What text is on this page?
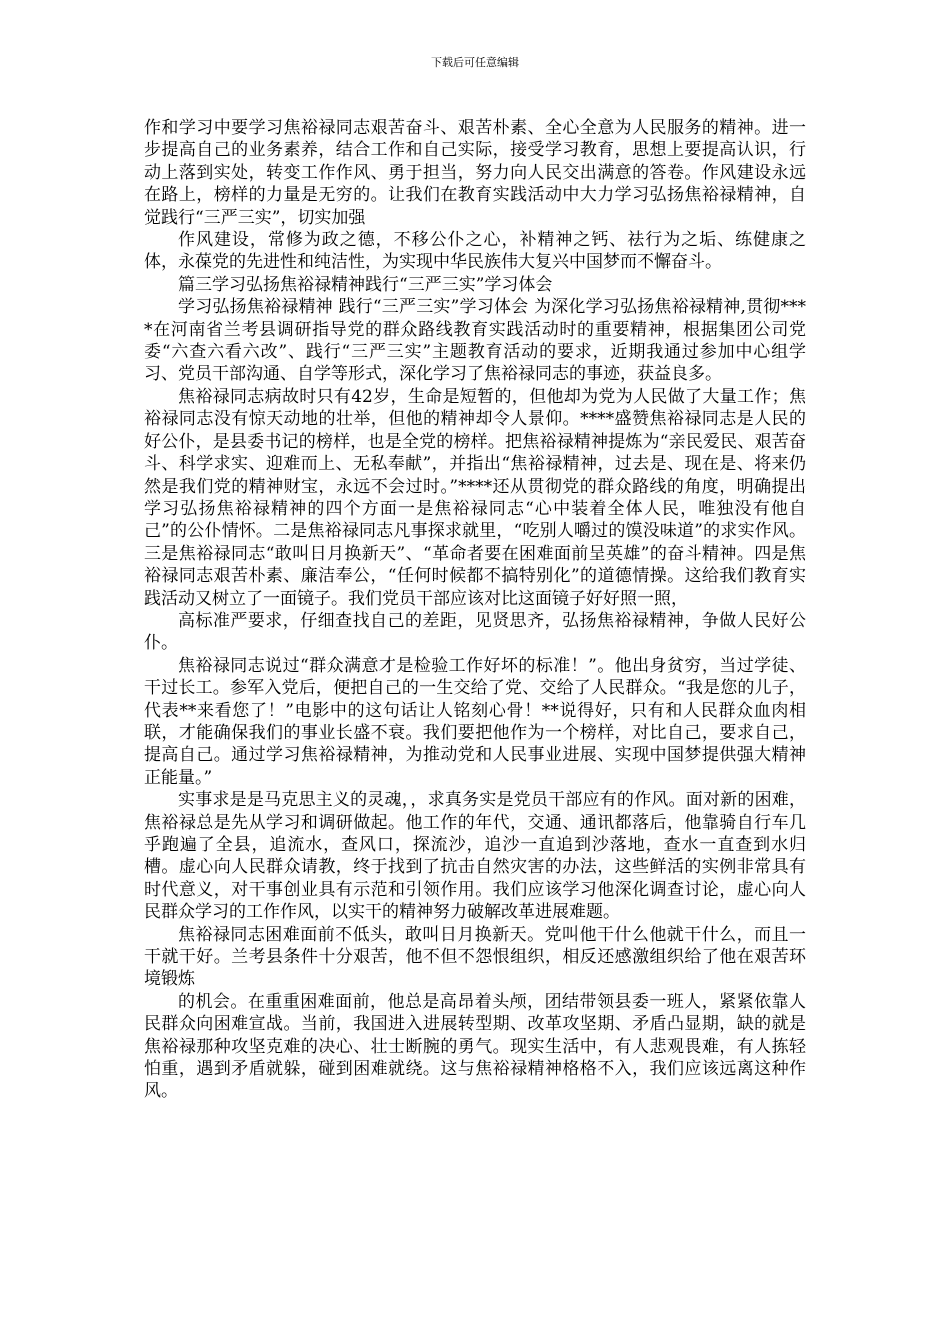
下载后可任意编辑

作和学习中要学习焦裕禄同志艰苦奋斗、艰苦朴素、全心全意为人民服务的精神。进一步提高自己的业务素养，结合工作和自己实际，接受学习教育，思想上要提高认识，行动上落到实处，转变工作作风、勇于担当，努力向人民交出满意的答卷。作风建设永远在路上，榜样的力量是无穷的。让我们在教育实践活动中大力学习弘扬焦裕禄精神，自觉践行“三严三实”，切实加强

作风建设，常修为政之德，不移公仆之心，补精神之钙、祛行为之垢、练健康之体，永葆党的先进性和纯洁性，为实现中华民族伟大复兴中国梦而不懈奋斗。

篇三学习弘扬焦裕禄精神践行“三严三实”学习体会

学习弘扬焦裕禄精神 践行“三严三实”学习体会 为深化学习弘扬焦裕禄精神,贯彻****在河南省兰考县调研指导党的群众路线教育实践活动时的重要精神，根据集团公司党委“六查六看六改”、践行“三严三实”主题教育活动的要求，近期我通过参加中心组学习、党员干部沟通、自学等形式，深化学习了焦裕禄同志的事迹，获益良多。

焦裕禄同志病故时只有42岁，生命是短暂的，但他却为党为人民做了大量工作；焦裕禄同志没有惊天动地的壮举，但他的精神却令人景仰。****盛赞焦裕禄同志是人民的好公仆，是县委书记的榜样，也是全党的榜样。把焦裕禄精神提炼为“亲民爱民、艰苦奋斗、科学求实、迎难而上、无私奉献”，并指出“焦裕禄精神，过去是、现在是、将来仍然是我们党的精神财宝，永远不会过时。”****还从贯彻党的群众路线的角度，明确提出学习弘扬焦裕禄精神的四个方面一是焦裕禄同志“心中装着全体人民，唯独没有他自己”的公仆情怀。二是焦裕禄同志凡事探求就里，“吃别人嚼过的馍没味道”的求实作风。三是焦裕禄同志“敢叫日月换新天”、“革命者要在困难面前呈英雄”的奋斗精神。四是焦裕禄同志艰苦朴素、廉洁奉公，“任何时候都不搞特别化”的道德情操。这给我们教育实践活动又树立了一面镜子。我们党员干部应该对比这面镜子好好照一照，

高标准严要求，仔细查找自己的差距，见贤思齐，弘扬焦裕禄精神，争做人民好公仆。

焦裕禄同志说过“群众满意才是检验工作好坏的标准！”。他出身贫穷，当过学徒、干过长工。参军入党后，便把自己的一生交给了党、交给了人民群众。“我是您的儿子，代表**来看您了！”电影中的这句话让人铭刻心骨！**说得好，只有和人民群众血肉相联，才能确保我们的事业长盛不衰。我们要把他作为一个榜样，对比自己，要求自己，提高自己。通过学习焦裕禄精神，为推动党和人民事业进展、实现中国梦提供强大精神正能量。”

实事求是是马克思主义的灵魂，，求真务实是党员干部应有的作风。面对新的困难，焦裕禄总是先从学习和调研做起。他工作的年代，交通、通讯都落后，他靠骑自行车几乎跑遍了全县，追流水，查风口，探流沙，追沙一直追到沙落地，查水一直查到水归槽。虚心向人民群众请教，终于找到了抗击自然灾害的办法，这些鲜活的实例非常具有时代意义，对干事创业具有示范和引领作用。我们应该学习他深化调查讨论，虚心向人民群众学习的工作作风，以实干的精神努力破解改革进展难题。

焦裕禄同志困难面前不低头，敢叫日月换新天。党叫他干什么他就干什么，而且一干就干好。兰考县条件十分艰苦，他不但不怨恨组织，相反还感激组织给了他在艰苦环境锻炼

的机会。在重重困难面前，他总是高昂着头颅，团结带领县委一班人，紧紧依靠人民群众向困难宣战。当前，我国进入进展转型期、改革攻坚期、矛盾凸显期，缺的就是焦裕禄那种攻坚克难的决心、壮士断腕的勇气。现实生活中，有人悲观畏难，有人拣轻怕重，遇到矛盾就躲，碰到困难就绕。这与焦裕禄精神格格不入，我们应该远离这种作风。
